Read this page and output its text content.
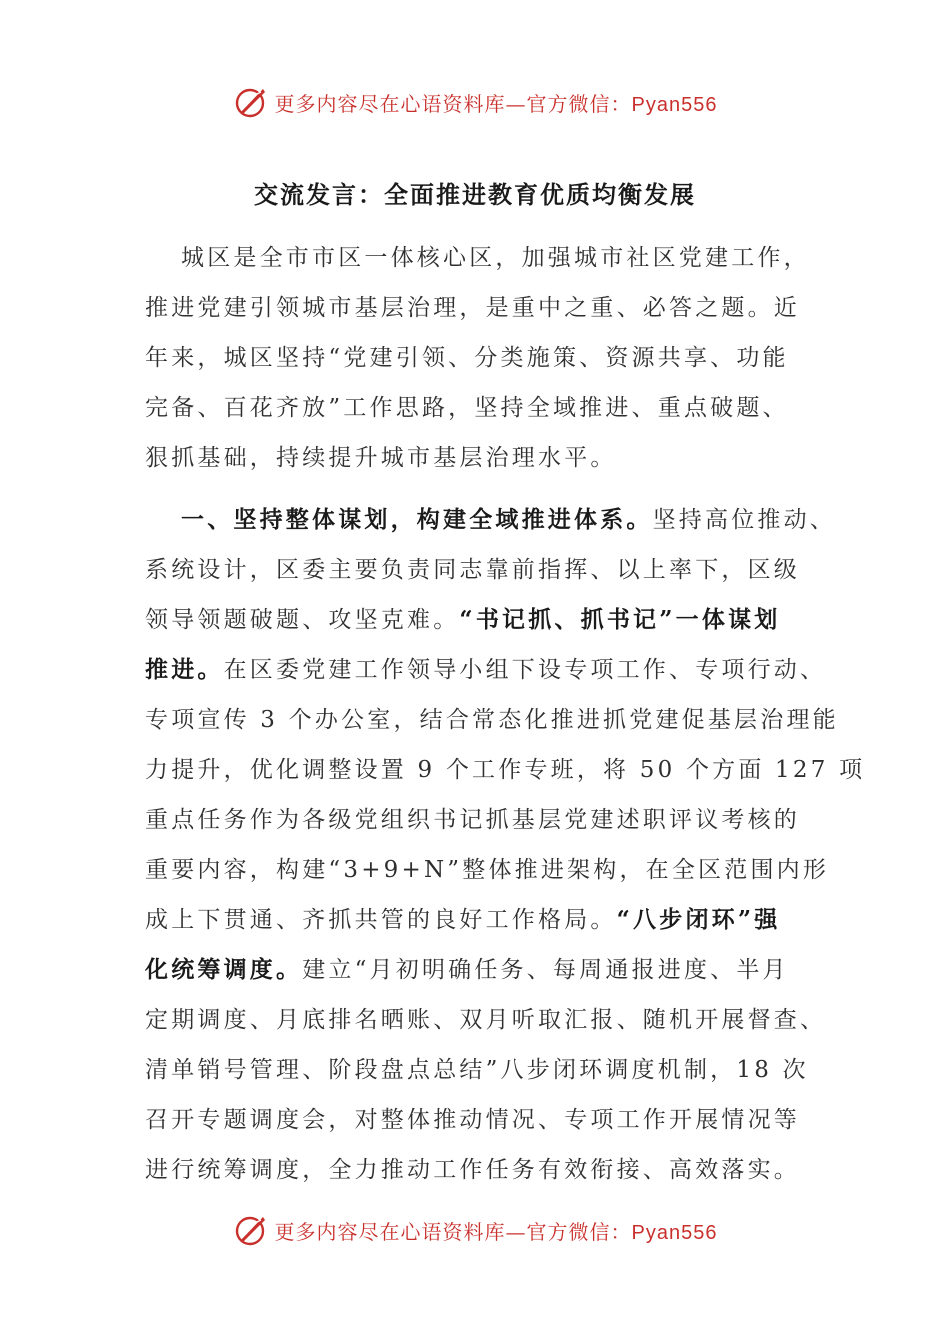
更多内容尽在心语资料库—官方微信：Pyan556
交流发言：全面推进教育优质均衡发展
城区是全市市区一体核心区，加强城市社区党建工作，
推进党建引领城市基层治理，是重中之重、必答之题。近
年来，城区坚持“党建引领、分类施策、资源共享、功能
完备、百花齐放”工作思路，坚持全域推进、重点破题、
狠抓基础，持续提升城市基层治理水平。
一、坚持整体谋划，构建全域推进体系。坚持高位推动、
系统设计，区委主要负责同志靠前指挥、以上率下，区级
领导领题破题、攻坚克难。“书记抓、抓书记”一体谋划
推进。在区委党建工作领导小组下设专项工作、专项行动、
专项宣传 3 个办公室，结合常态化推进抓党建促基层治理能
力提升，优化调整设置 9 个工作专班，将 50 个方面 127 项
重点任务作为各级党组织书记抓基层党建述职评议考核的
重要内容，构建“3+9+N”整体推进架构，在全区范围内形
成上下贯通、齐抓共管的良好工作格局。“八步闭环”强
化统筹调度。建立“月初明确任务、每周通报进度、半月
定期调度、月底排名晒账、双月听取汇报、随机开展督查、
清单销号管理、阶段盘点总结”八步闭环调度机制，18 次
召开专题调度会，对整体推动情况、专项工作开展情况等
进行统筹调度，全力推动工作任务有效衔接、高效落实。
更多内容尽在心语资料库—官方微信：Pyan556
